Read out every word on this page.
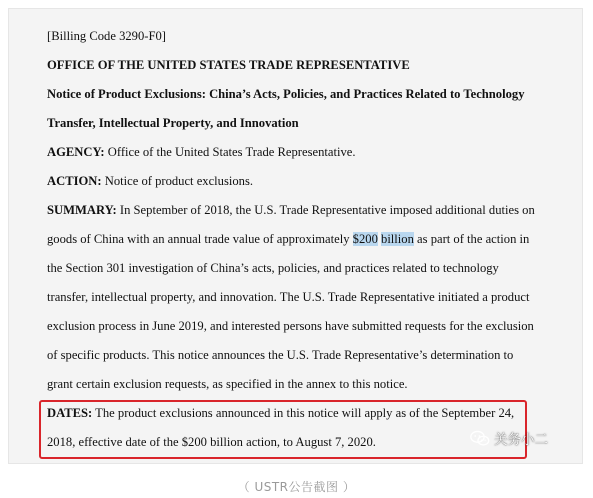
[Billing Code 3290-F0]
OFFICE OF THE UNITED STATES TRADE REPRESENTATIVE
Notice of Product Exclusions: China’s Acts, Policies, and Practices Related to Technology
Transfer, Intellectual Property, and Innovation
AGENCY: Office of the United States Trade Representative.
ACTION: Notice of product exclusions.
SUMMARY: In September of 2018, the U.S. Trade Representative imposed additional duties on
goods of China with an annual trade value of approximately $200 billion as part of the action in
the Section 301 investigation of China’s acts, policies, and practices related to technology
transfer, intellectual property, and innovation. The U.S. Trade Representative initiated a product
exclusion process in June 2019, and interested persons have submitted requests for the exclusion
of specific products. This notice announces the U.S. Trade Representative’s determination to
grant certain exclusion requests, as specified in the annex to this notice.
DATES: The product exclusions announced in this notice will apply as of the September 24,
2018, effective date of the $200 billion action, to August 7, 2020.	关务小二
（ USTR公告截图 ）
